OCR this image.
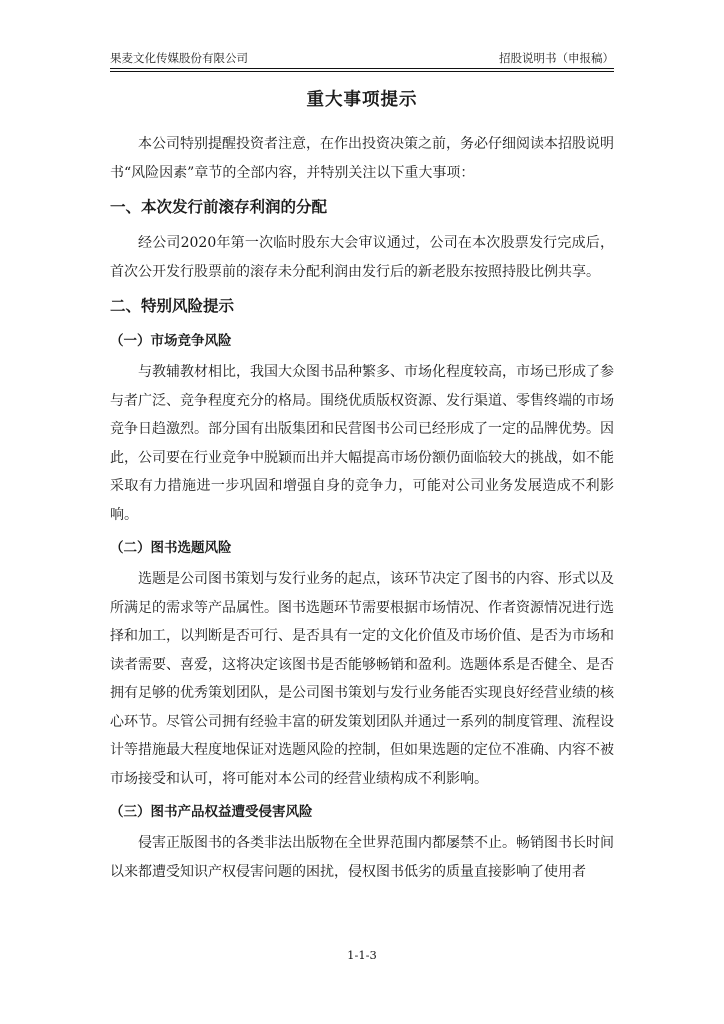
果麦文化传媒股份有限公司	招股说明书（申报稿）
重大事项提示

本公司特别提醒投资者注意，在作出投资决策之前，务必仔细阅读本招股说明书“风险因素”章节的全部内容，并特别关注以下重大事项：

一、本次发行前滚存利润的分配

经公司2020年第一次临时股东大会审议通过，公司在本次股票发行完成后，首次公开发行股票前的滚存未分配利润由发行后的新老股东按照持股比例共享。

二、特别风险提示
（一）市场竞争风险

与教辅教材相比，我国大众图书品种繁多、市场化程度较高，市场已形成了参与者广泛、竞争程度充分的格局。围绕优质版权资源、发行渠道、零售终端的市场竞争日趋激烈。部分国有出版集团和民营图书公司已经形成了一定的品牌优势。因此，公司要在行业竞争中脱颖而出并大幅提高市场份额仍面临较大的挑战，如不能采取有力措施进一步巩固和增强自身的竞争力，可能对公司业务发展造成不利影响。

（二）图书选题风险

选题是公司图书策划与发行业务的起点，该环节决定了图书的内容、形式以及所满足的需求等产品属性。图书选题环节需要根据市场情况、作者资源情况进行选择和加工，以判断是否可行、是否具有一定的文化价值及市场价值、是否为市场和读者需要、喜爱，这将决定该图书是否能够畅销和盈利。选题体系是否健全、是否拥有足够的优秀策划团队，是公司图书策划与发行业务能否实现良好经营业绩的核心环节。尽管公司拥有经验丰富的研发策划团队并通过一系列的制度管理、流程设计等措施最大程度地保证对选题风险的控制，但如果选题的定位不准确、内容不被市场接受和认可，将可能对本公司的经营业绩构成不利影响。

（三）图书产品权益遭受侵害风险

侵害正版图书的各类非法出版物在全世界范围内都屡禁不止。畅销图书长时间以来都遭受知识产权侵害问题的困扰，侵权图书低劣的质量直接影响了使用者

1-1-3
